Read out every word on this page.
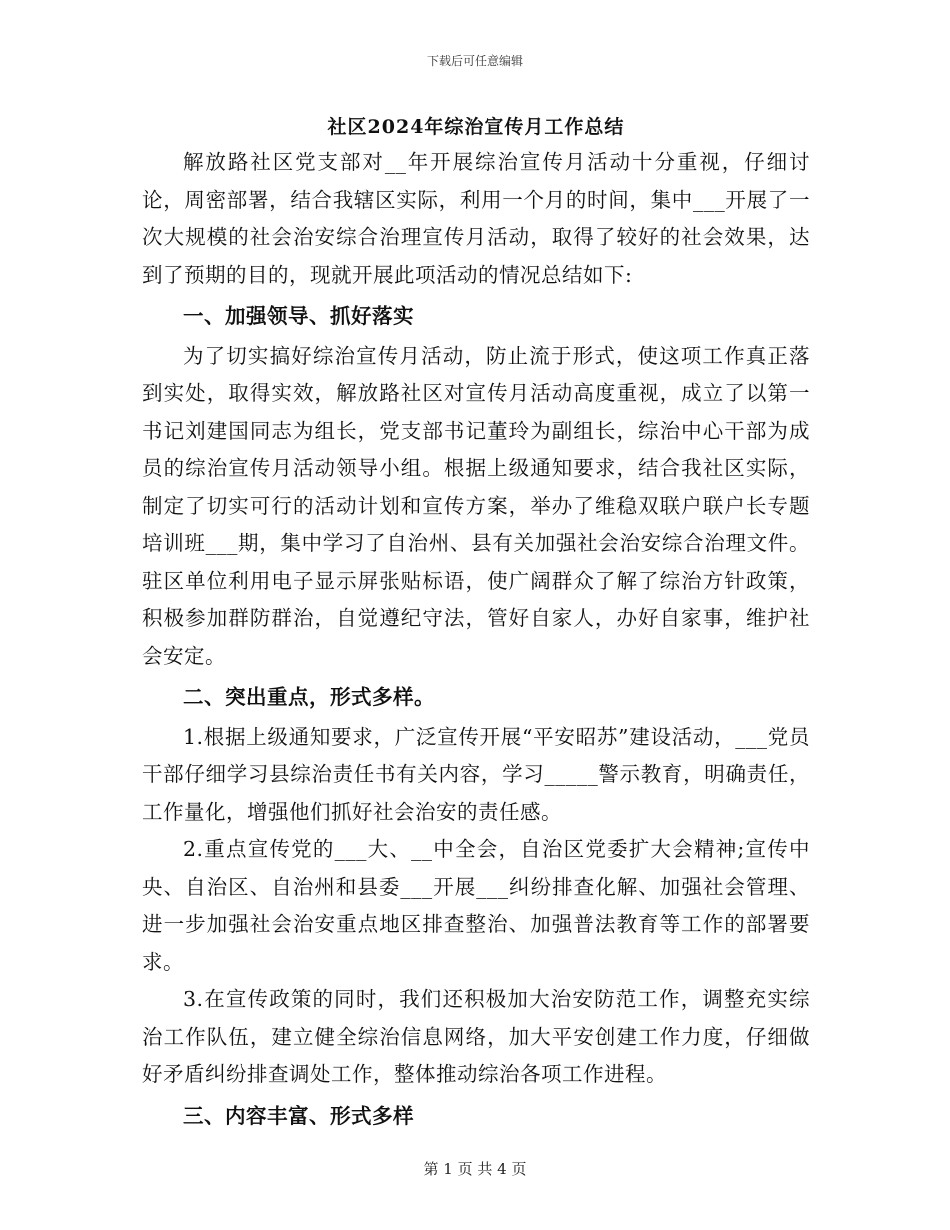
下载后可任意编辑
社区2024年综治宣传月工作总结

解放路社区党支部对__年开展综治宣传月活动十分重视，仔细讨论，周密部署，结合我辖区实际，利用一个月的时间，集中___开展了一次大规模的社会治安综合治理宣传月活动，取得了较好的社会效果，达到了预期的目的，现就开展此项活动的情况总结如下:

一、加强领导、抓好落实

为了切实搞好综治宣传月活动，防止流于形式，使这项工作真正落到实处，取得实效，解放路社区对宣传月活动高度重视，成立了以第一书记刘建国同志为组长，党支部书记董玲为副组长，综治中心干部为成员的综治宣传月活动领导小组。根据上级通知要求，结合我社区实际，制定了切实可行的活动计划和宣传方案，举办了维稳双联户联户长专题培训班___期，集中学习了自治州、县有关加强社会治安综合治理文件。驻区单位利用电子显示屏张贴标语，使广阔群众了解了综治方针政策，积极参加群防群治，自觉遵纪守法，管好自家人，办好自家事，维护社会安定。

二、突出重点，形式多样。

1.根据上级通知要求，广泛宣传开展“平安昭苏”建设活动，___党员干部仔细学习县综治责任书有关内容，学习_____警示教育，明确责任，工作量化，增强他们抓好社会治安的责任感。

2.重点宣传党的___大、__中全会，自治区党委扩大会精神;宣传中央、自治区、自治州和县委___开展___纠纷排查化解、加强社会管理、进一步加强社会治安重点地区排查整治、加强普法教育等工作的部署要求。

3.在宣传政策的同时，我们还积极加大治安防范工作，调整充实综治工作队伍，建立健全综治信息网络，加大平安创建工作力度，仔细做好矛盾纠纷排查调处工作，整体推动综治各项工作进程。

三、内容丰富、形式多样
第 1 页 共 4 页
